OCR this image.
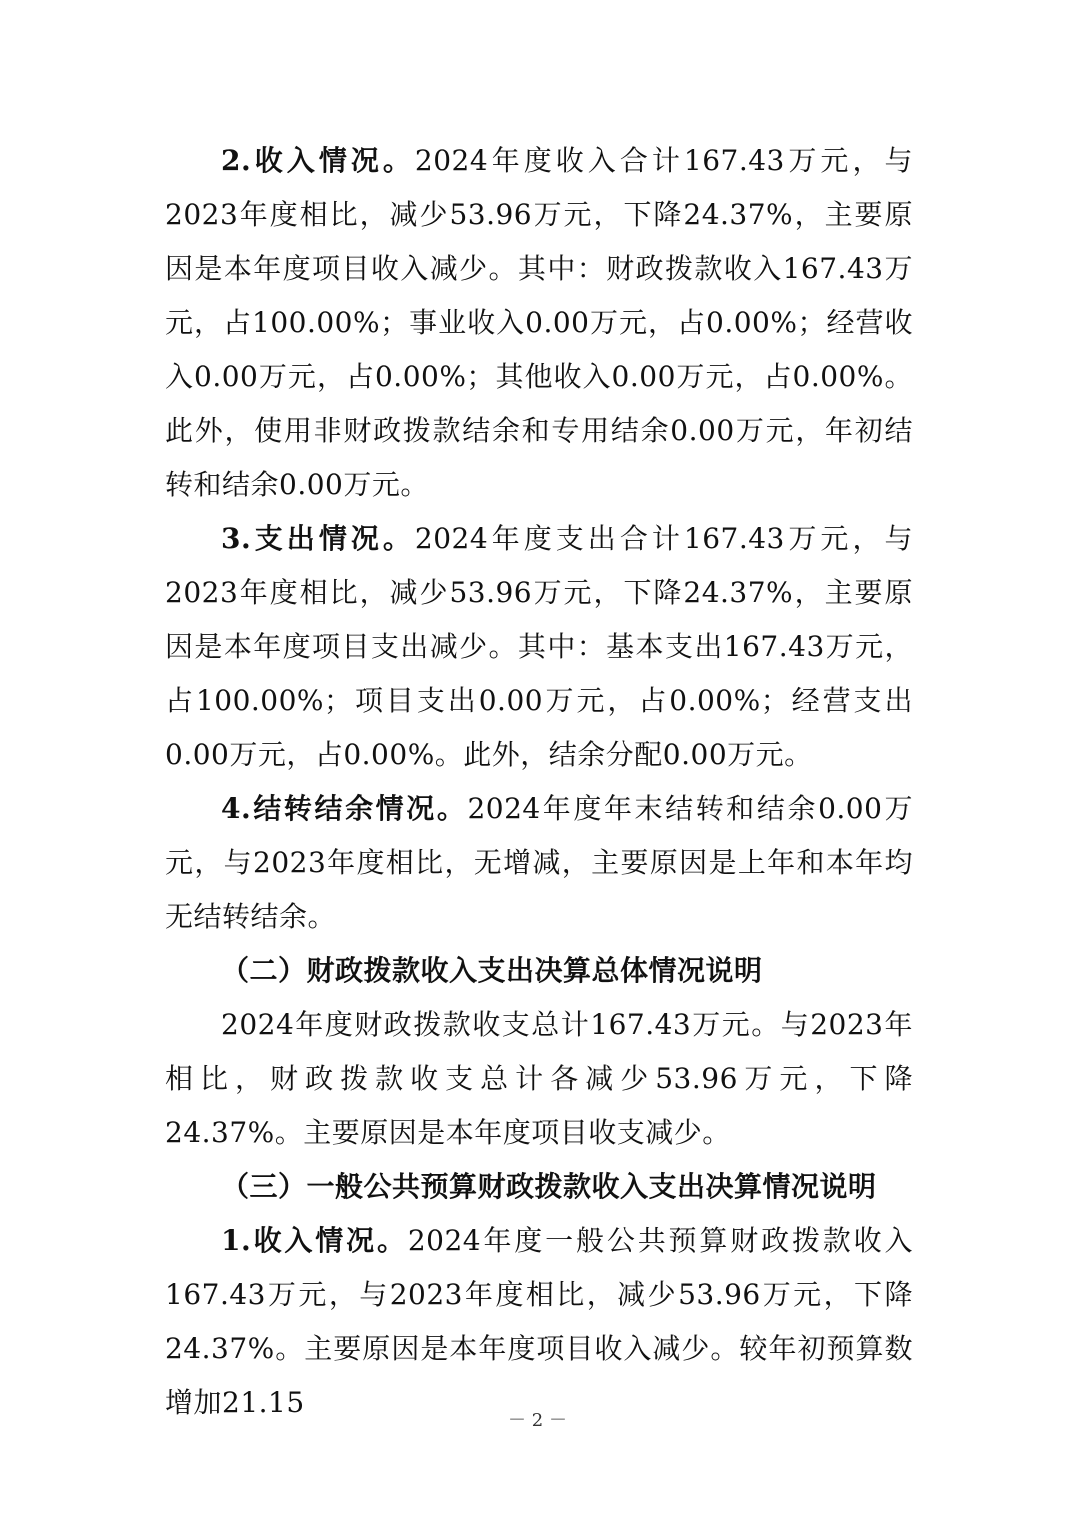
2.收入情况。2024年度收入合计167.43万元，与2023年度相比，减少53.96万元，下降24.37%，主要原因是本年度项目收入减少。其中：财政拨款收入167.43万元，占100.00%；事业收入0.00万元，占0.00%；经营收入0.00万元，占0.00%；其他收入0.00万元，占0.00%。此外，使用非财政拨款结余和专用结余0.00万元，年初结转和结余0.00万元。

3.支出情况。2024年度支出合计167.43万元，与2023年度相比，减少53.96万元，下降24.37%，主要原因是本年度项目支出减少。其中：基本支出167.43万元，占100.00%；项目支出0.00万元，占0.00%；经营支出0.00万元，占0.00%。此外，结余分配0.00万元。

4.结转结余情况。2024年度年末结转和结余0.00万元，与2023年度相比，无增减，主要原因是上年和本年均无结转结余。

（二）财政拨款收入支出决算总体情况说明

2024年度财政拨款收支总计167.43万元。与2023年相比，财政拨款收支总计各减少53.96万元，下降24.37%。主要原因是本年度项目收支减少。

（三）一般公共预算财政拨款收入支出决算情况说明

1.收入情况。2024年度一般公共预算财政拨款收入167.43万元，与2023年度相比，减少53.96万元，下降24.37%。主要原因是本年度项目收入减少。较年初预算数增加21.15

－ 2 －
